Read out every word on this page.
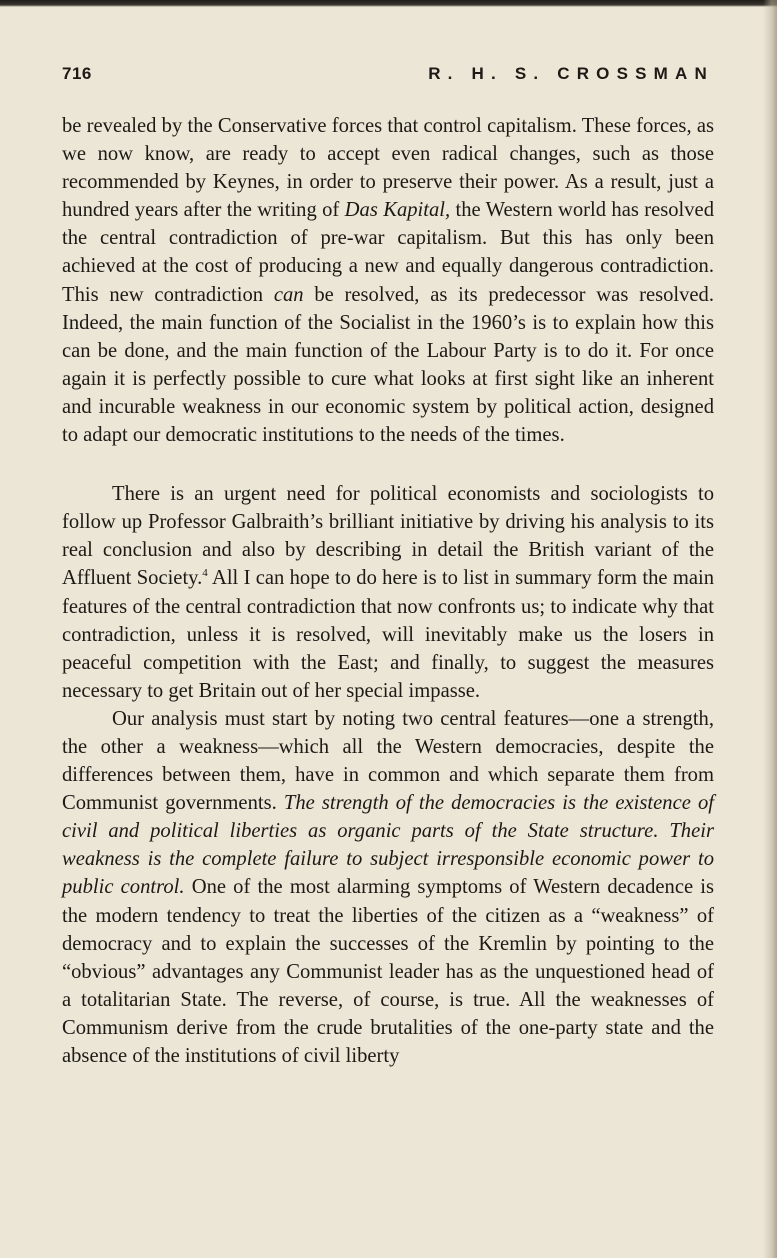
716	R. H. S. CROSSMAN

be revealed by the Conservative forces that control capitalism. These forces, as we now know, are ready to accept even radical changes, such as those recommended by Keynes, in order to preserve their power. As a result, just a hundred years after the writing of Das Kapital, the Western world has resolved the central contradiction of pre-war capitalism. But this has only been achieved at the cost of producing a new and equally dangerous contradiction. This new contradiction can be resolved, as its predecessor was resolved. Indeed, the main function of the Socialist in the 1960’s is to explain how this can be done, and the main function of the Labour Party is to do it. For once again it is perfectly possible to cure what looks at first sight like an inherent and incurable weakness in our economic system by political action, designed to adapt our democratic institutions to the needs of the times.

There is an urgent need for political economists and sociologists to follow up Professor Galbraith’s brilliant initiative by driving his analysis to its real conclusion and also by describing in detail the British variant of the Affluent Society.$^4$ All I can hope to do here is to list in summary form the main features of the central contradiction that now confronts us; to indicate why that contradiction, unless it is resolved, will inevitably make us the losers in peaceful competition with the East; and finally, to suggest the measures necessary to get Britain out of her special impasse.

Our analysis must start by noting two central features—one a strength, the other a weakness—which all the Western democracies, despite the differences between them, have in common and which separate them from Communist governments. The strength of the democracies is the existence of civil and political liberties as organic parts of the State structure. Their weakness is the complete failure to subject irresponsible economic power to public control. One of the most alarming symptoms of Western decadence is the modern tendency to treat the liberties of the citizen as a “weakness” of democracy and to explain the successes of the Kremlin by pointing to the “obvious” advantages any Communist leader has as the unquestioned head of a totalitarian State. The reverse, of course, is true. All the weaknesses of Communism derive from the crude brutalities of the one-party state and the absence of the institutions of civil liberty
